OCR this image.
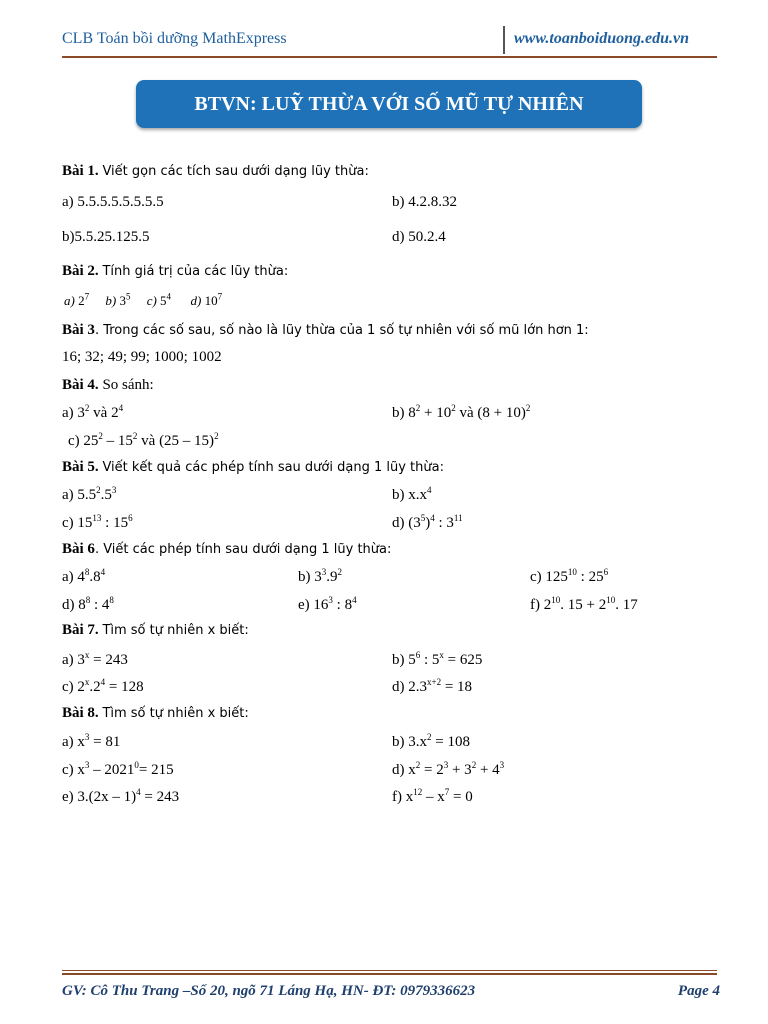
CLB Toán bồi dưỡng MathExpress	www.toanboiduong.edu.vn
BTVN: LUỸ THỪA VỚI SỐ MŨ TỰ NHIÊN
Bài 1. Viết gọn các tích sau dưới dạng lũy thừa:
a) 5.5.5.5.5.5.5.5	b) 4.2.8.32
b)5.5.25.125.5	d) 50.2.4
Bài 2. Tính giá trị của các lũy thừa:
a) $2^7$ b) $3^5$ c) $5^4$ d) $10^7$
Bài 3. Trong các số sau, số nào là lũy thừa của 1 số tự nhiên với số mũ lớn hơn 1:
16; 32; 49; 99; 1000; 1002
Bài 4. So sánh:
a) $3^2$ và $2^4$	b) $8^2 + 10^2$ và $(8 + 10)^2$
c) $25^2 - 15^2$ và (25 – 15)$^2$
Bài 5. Viết kết quả các phép tính sau dưới dạng 1 lũy thừa:
a) $5.5^2.5^3$	b) $x.x^4$
c) $15^{13}$ : $15^6$	d) $(3^5)^4$ : $3^{11}$
Bài 6. Viết các phép tính sau dưới dạng 1 lũy thừa:
a) $4^8.8^4$	b) $3^3.9^2$	c) $125^{10}$ : $25^6$
d) $8^8$ : $4^8$	e) $16^3$ : $8^4$	f) $2^{10}$. $15 + 2^{10}$. 17
Bài 7. Tìm số tự nhiên x biết:
a) $3^x = 243$	b) $5^6$ : $5^x = 625$
c) $2^x.2^4 = 128$	d) $2.3^{x+2} = 18$
Bài 8. Tìm số tự nhiên x biết:
a) $x^3 = 81$	b) $3.x^2 = 108$
c) $x^3 - 2021^0= 215$	d) $x^2 = 2^3 + 3^2 + 4^3$
e) 3.(2x – 1)$^4$ = 243	f) $x^{12} - x^7 = 0$
GV: Cô Thu Trang –Số 20, ngõ 71 Láng Hạ, HN- ĐT: 0979336623	Page 4
